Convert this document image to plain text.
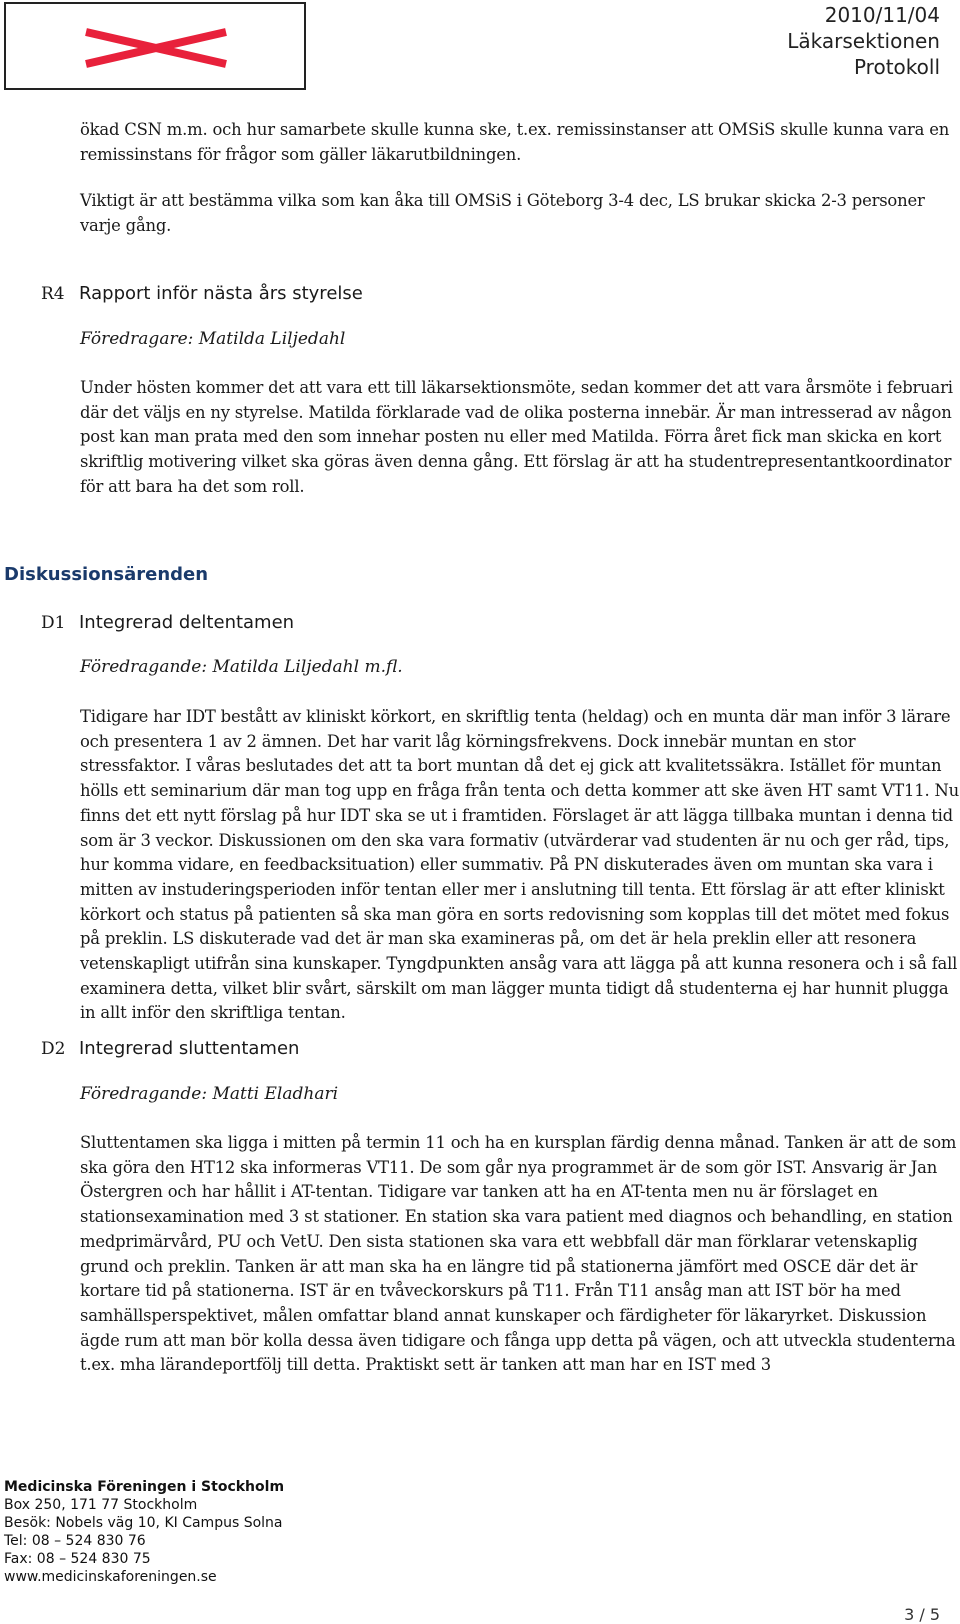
2010/11/04
Läkarsektionen
Protokoll

ökad CSN m.m. och hur samarbete skulle kunna ske, t.ex. remissinstanser att OMSiS skulle kunna vara en remissinstans för frågor som gäller läkarutbildningen.

Viktigt är att bestämma vilka som kan åka till OMSiS i Göteborg 3-4 dec, LS brukar skicka 2-3 personer varje gång.

R4 Rapport inför nästa års styrelse
Föredragare: Matilda Liljedahl

Under hösten kommer det att vara ett till läkarsektionsmöte, sedan kommer det att vara årsmöte i februari där det väljs en ny styrelse. Matilda förklarade vad de olika posterna innebär. Är man intresserad av någon post kan man prata med den som innehar posten nu eller med Matilda. Förra året fick man skicka en kort skriftlig motivering vilket ska göras även denna gång. Ett förslag är att ha studentrepresentantkoordinator för att bara ha det som roll.

Diskussionsärenden
D1 Integrerad deltentamen
Föredragande: Matilda Liljedahl m.fl.

Tidigare har IDT bestått av kliniskt körkort, en skriftlig tenta (heldag) och en munta där man inför 3 lärare och presentera 1 av 2 ämnen. Det har varit låg körningsfrekvens. Dock innebär muntan en stor stressfaktor. I våras beslutades det att ta bort muntan då det ej gick att kvalitetssäkra. Istället för muntan hölls ett seminarium där man tog upp en fråga från tenta och detta kommer att ske även HT samt VT11. Nu finns det ett nytt förslag på hur IDT ska se ut i framtiden. Förslaget är att lägga tillbaka muntan i denna tid som är 3 veckor. Diskussionen om den ska vara formativ (utvärderar vad studenten är nu och ger råd, tips, hur komma vidare, en feedbacksituation) eller summativ. På PN diskuterades även om muntan ska vara i mitten av instuderingsperioden inför tentan eller mer i anslutning till tenta. Ett förslag är att efter kliniskt körkort och status på patienten så ska man göra en sorts redovisning som kopplas till det mötet med fokus på preklin. LS diskuterade vad det är man ska examineras på, om det är hela preklin eller att resonera vetenskapligt utifrån sina kunskaper. Tyngdpunkten ansåg vara att lägga på att kunna resonera och i så fall examinera detta, vilket blir svårt, särskilt om man lägger munta tidigt då studenterna ej har hunnit plugga in allt inför den skriftliga tentan.

D2 Integrerad sluttentamen
Föredragande: Matti Eladhari

Sluttentamen ska ligga i mitten på termin 11 och ha en kursplan färdig denna månad. Tanken är att de som ska göra den HT12 ska informeras VT11. De som går nya programmet är de som gör IST. Ansvarig är Jan Östergren och har hållit i AT-tentan. Tidigare var tanken att ha en AT-tenta men nu är förslaget en stationsexamination med 3 st stationer. En station ska vara patient med diagnos och behandling, en station medprimärvård, PU och VetU. Den sista stationen ska vara ett webbfall där man förklarar vetenskaplig grund och preklin. Tanken är att man ska ha en längre tid på stationerna jämfört med OSCE där det är kortare tid på stationerna. IST är en tvåveckorskurs på T11. Från T11 ansåg man att IST bör ha med samhällsperspektivet, målen omfattar bland annat kunskaper och färdigheter för läkaryrket. Diskussion ägde rum att man bör kolla dessa även tidigare och fånga upp detta på vägen, och att utveckla studenterna t.ex. mha lärandeportfölj till detta. Praktiskt sett är tanken att man har en IST med 3

Medicinska Föreningen i Stockholm
Box 250, 171 77 Stockholm
Besök: Nobels väg 10, KI Campus Solna
Tel: 08 – 524 830 76
Fax: 08 – 524 830 75
www.medicinskaforeningen.se
3 / 5
